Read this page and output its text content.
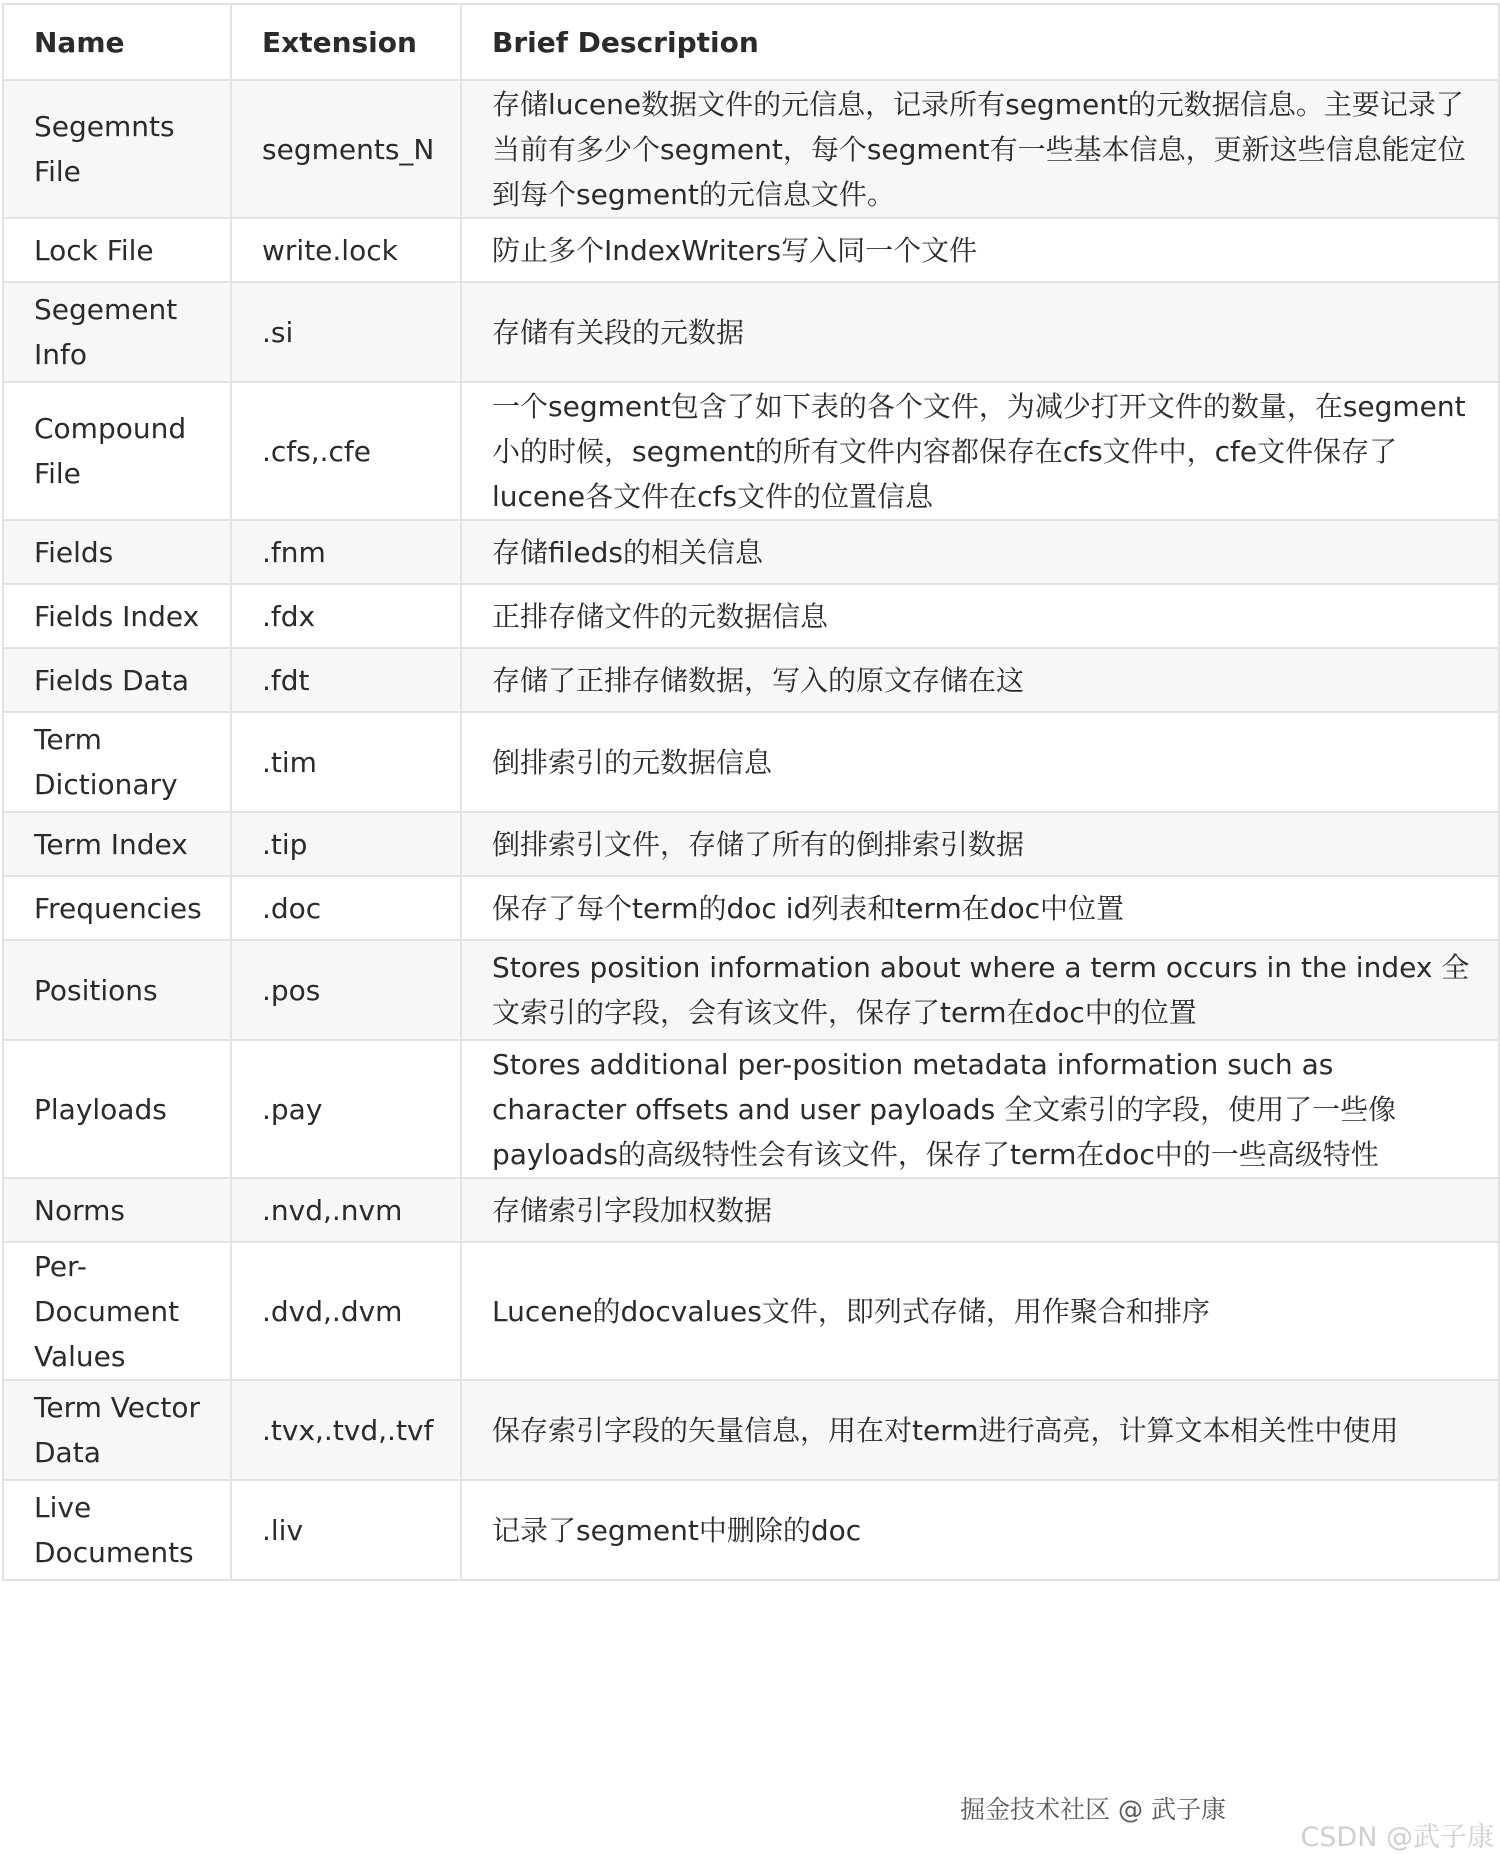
Name	Extension	Brief Description
Segemnts File	segments_N	存储lucene数据文件的元信息，记录所有segment的元数据信息。主要记录了当前有多少个segment，每个segment有一些基本信息，更新这些信息能定位到每个segment的元信息文件。
Lock File	write.lock	防止多个IndexWriters写入同一个文件
Segement Info	.si	存储有关段的元数据
Compound File	.cfs,.cfe	一个segment包含了如下表的各个文件，为减少打开文件的数量，在segment小的时候，segment的所有文件内容都保存在cfs文件中，cfe文件保存了lucene各文件在cfs文件的位置信息
Fields	.fnm	存储fileds的相关信息
Fields Index	.fdx	正排存储文件的元数据信息
Fields Data	.fdt	存储了正排存储数据，写入的原文存储在这
Term Dictionary	.tim	倒排索引的元数据信息
Term Index	.tip	倒排索引文件，存储了所有的倒排索引数据
Frequencies	.doc	保存了每个term的doc id列表和term在doc中位置
Positions	.pos	Stores position information about where a term occurs in the index 全文索引的字段，会有该文件，保存了term在doc中的位置
Playloads	.pay	Stores additional per-position metadata information such as character offsets and user payloads 全文索引的字段，使用了一些像payloads的高级特性会有该文件，保存了term在doc中的一些高级特性
Norms	.nvd,.nvm	存储索引字段加权数据
Per-Document Values	.dvd,.dvm	Lucene的docvalues文件，即列式存储，用作聚合和排序
Term Vector Data	.tvx,.tvd,.tvf	保存索引字段的矢量信息，用在对term进行高亮，计算文本相关性中使用
Live Documents	.liv	记录了segment中删除的doc
掘金技术社区 @ 武子康
CSDN @武子康
